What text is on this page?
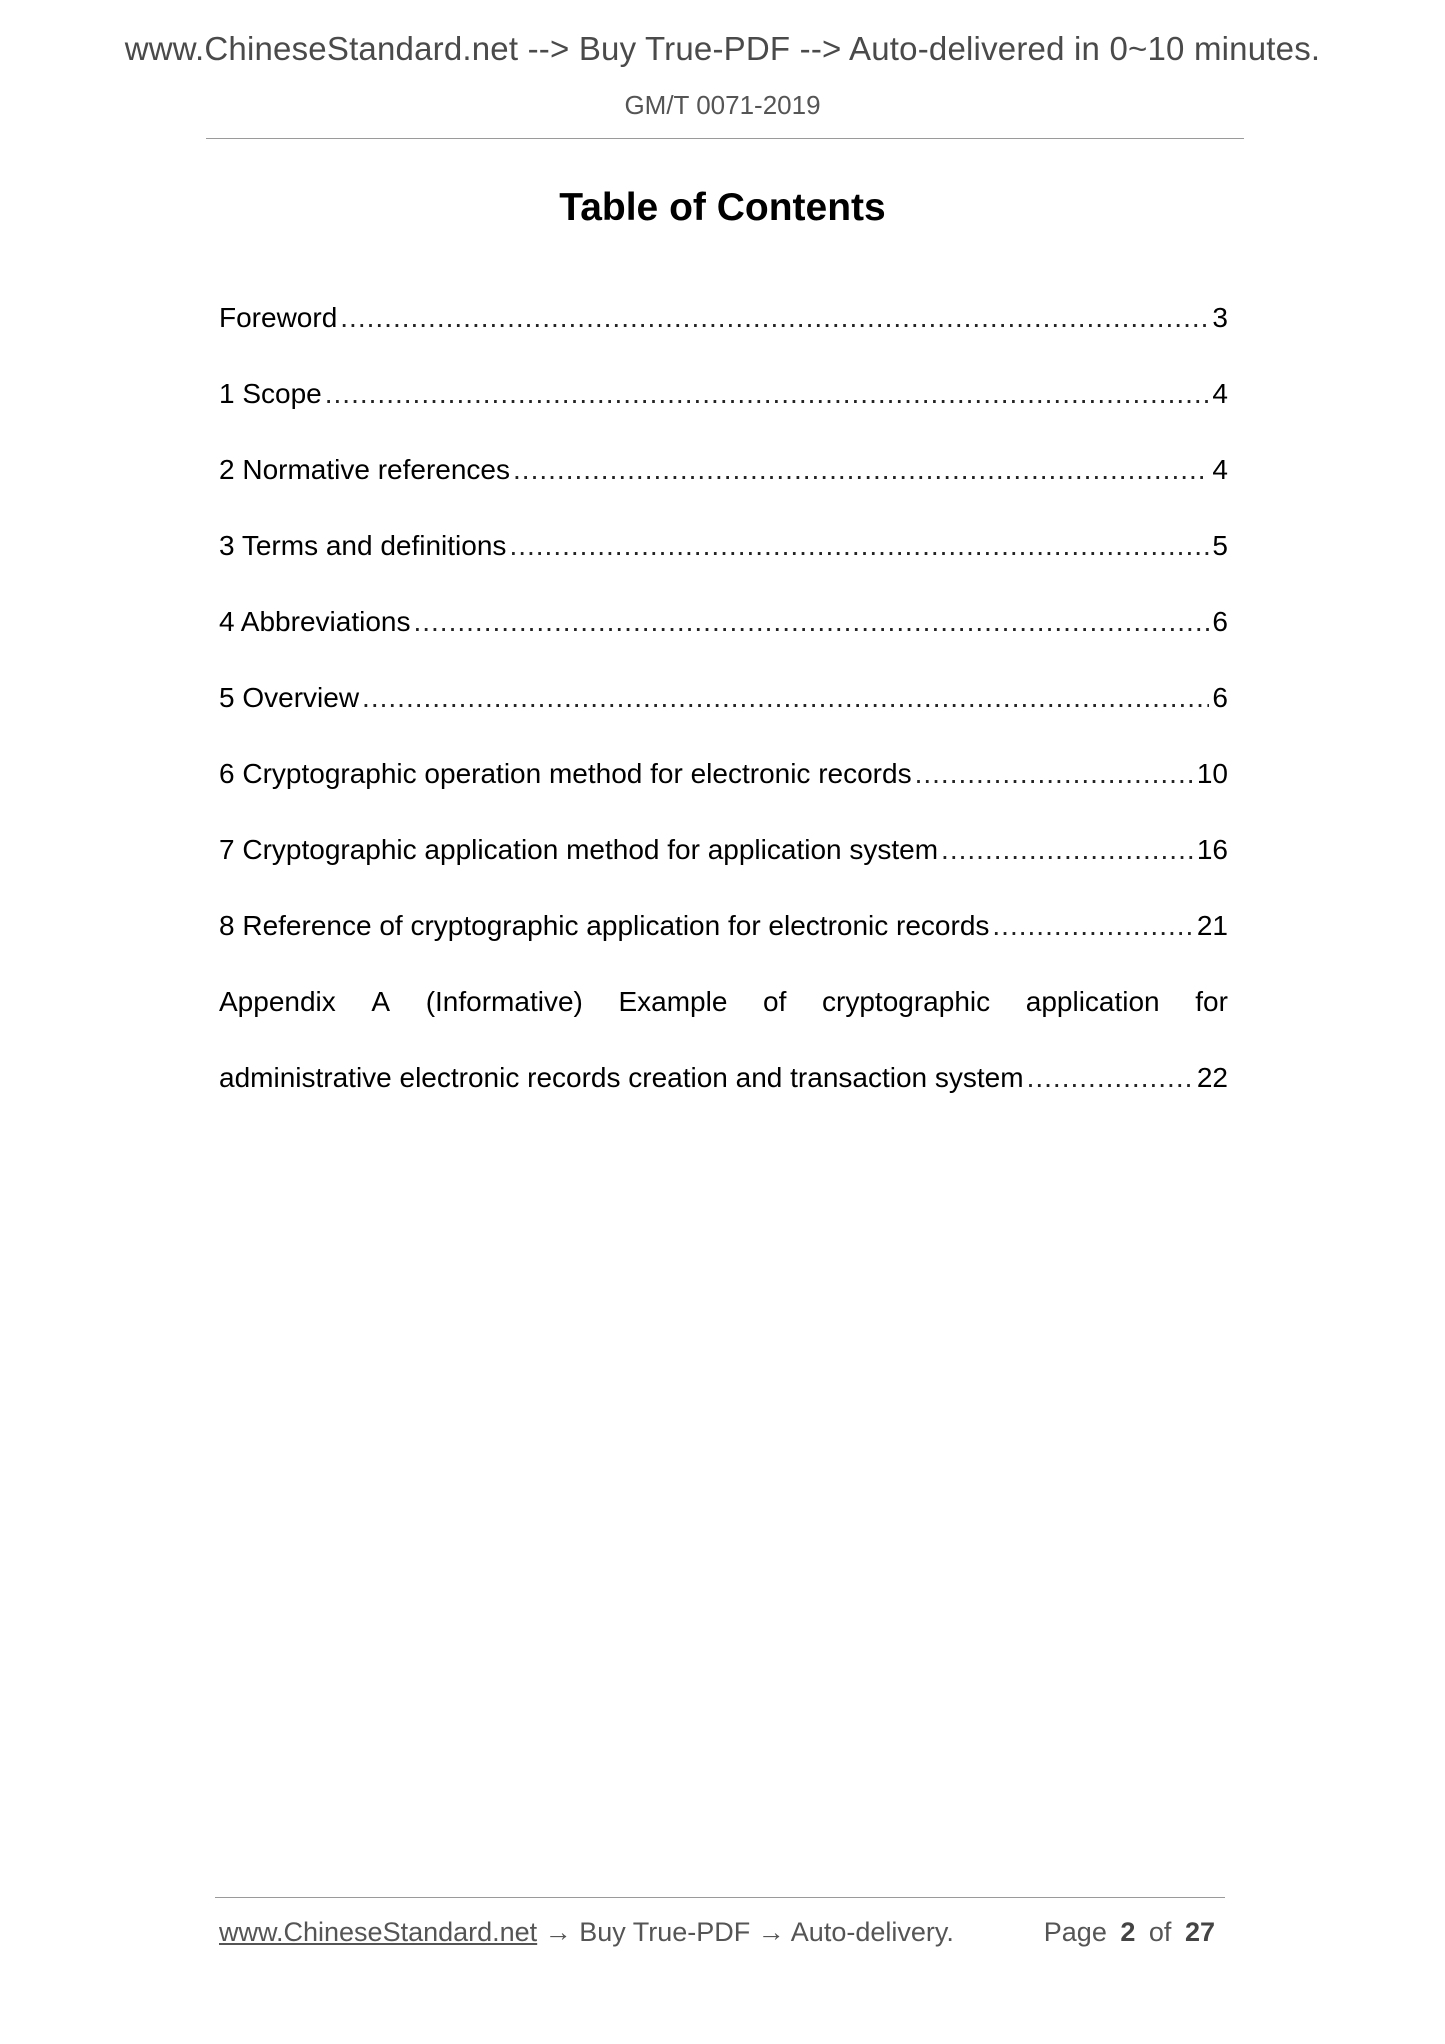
www.ChineseStandard.net --> Buy True-PDF --> Auto-delivered in 0~10 minutes.
GM/T 0071-2019
Table of Contents
Foreword .....	3
1 Scope .....	4
2 Normative references .....	4
3 Terms and definitions .....	5
4 Abbreviations .....	6
5 Overview .....	6
6 Cryptographic operation method for electronic records .....	10
7 Cryptographic application method for application system .....	16
8 Reference of cryptographic application for electronic records .....	21
Appendix A (Informative) Example of cryptographic application for
administrative electronic records creation and transaction system .....	22
www.ChineseStandard.net → Buy True-PDF → Auto-delivery.	Page 2 of 27
